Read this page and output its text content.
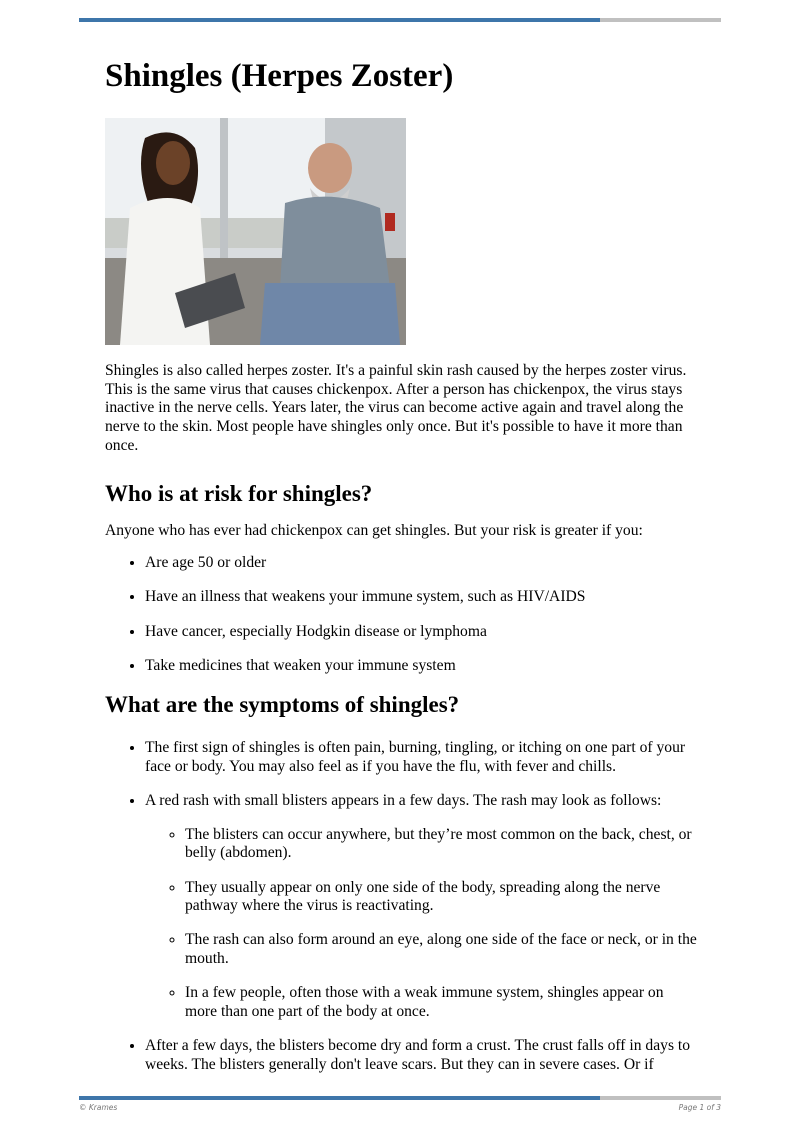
Shingles (Herpes Zoster)

Shingles is also called herpes zoster. It's a painful skin rash caused by the herpes zoster virus. This is the same virus that causes chickenpox. After a person has chickenpox, the virus stays inactive in the nerve cells. Years later, the virus can become active again and travel along the nerve to the skin. Most people have shingles only once. But it's possible to have it more than once.

Who is at risk for shingles?

Anyone who has ever had chickenpox can get shingles. But your risk is greater if you:

• Are age 50 or older
• Have an illness that weakens your immune system, such as HIV/AIDS
• Have cancer, especially Hodgkin disease or lymphoma
• Take medicines that weaken your immune system
What are the symptoms of shingles?
• The first sign of shingles is often pain, burning, tingling, or itching on one part of your face or body. You may also feel as if you have the flu, with fever and chills.
• A red rash with small blisters appears in a few days. The rash may look as follows:
◦ The blisters can occur anywhere, but they’re most common on the back, chest, or belly (abdomen).
◦ They usually appear on only one side of the body, spreading along the nerve pathway where the virus is reactivating.
◦ The rash can also form around an eye, along one side of the face or neck, or in the mouth.
◦ In a few people, often those with a weak immune system, shingles appear on more than one part of the body at once.
• After a few days, the blisters become dry and form a crust. The crust falls off in days to weeks. The blisters generally don't leave scars. But they can in severe cases. Or if
© Krames	Page 1 of 3
